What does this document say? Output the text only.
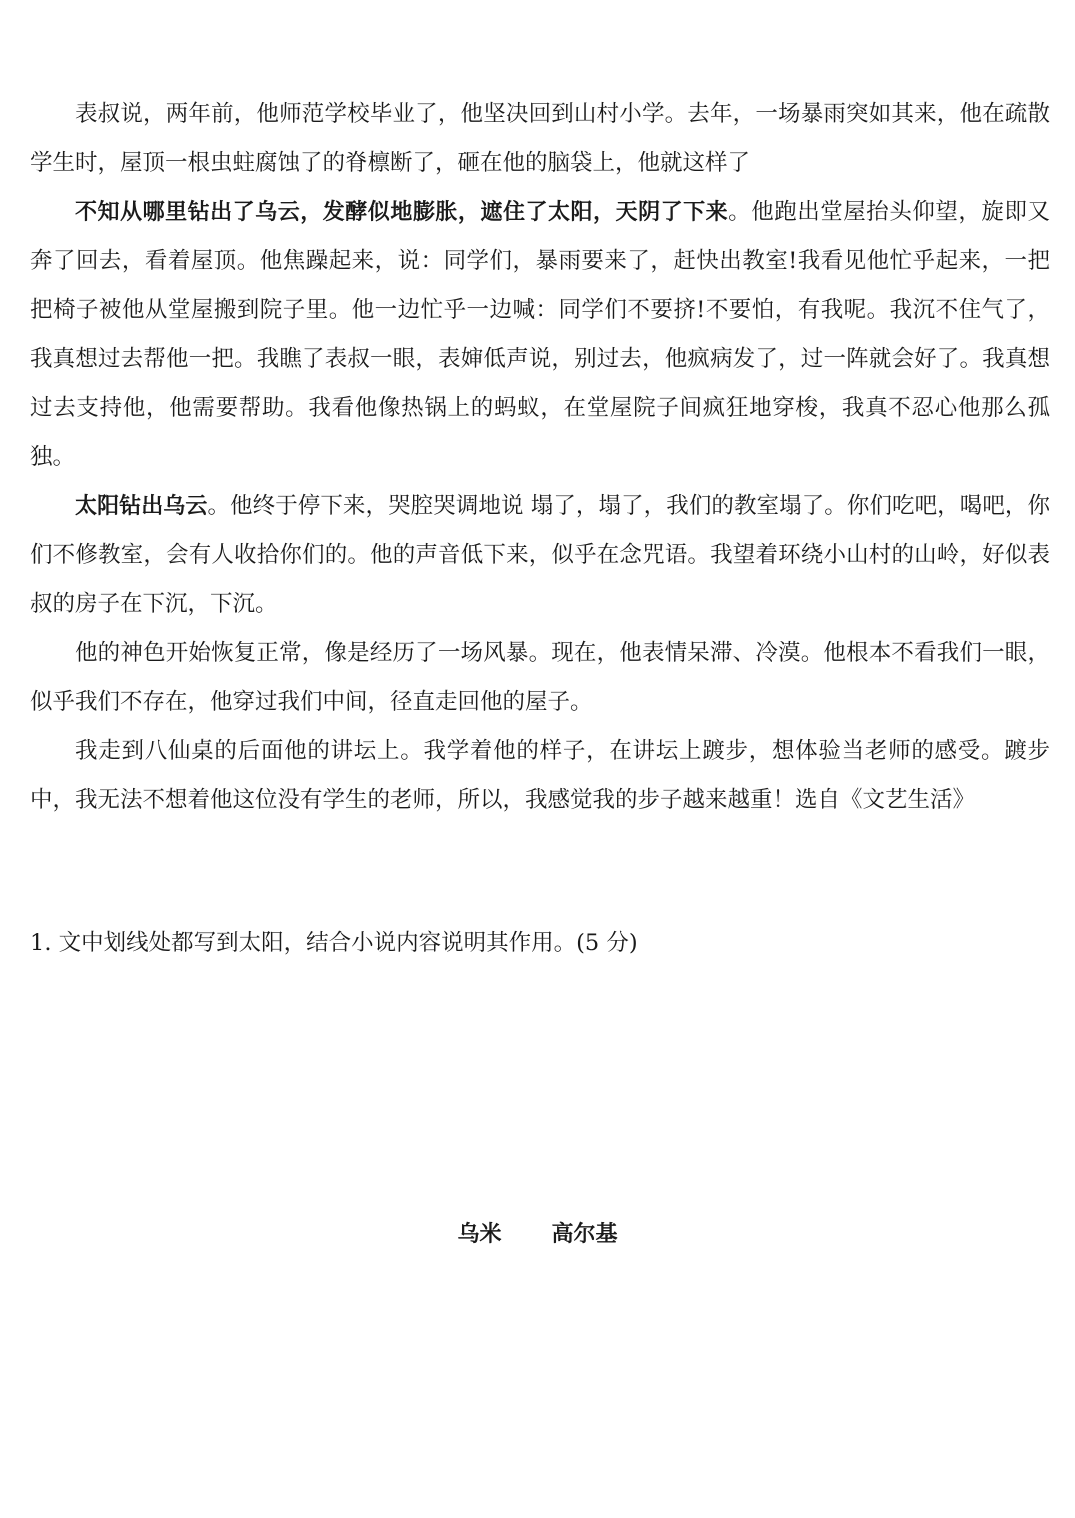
表叔说，两年前，他师范学校毕业了，他坚决回到山村小学。去年，一场暴雨突如其来，他在疏散学生时，屋顶一根虫蛀腐蚀了的脊檩断了，砸在他的脑袋上，他就这样了

不知从哪里钻出了乌云，发酵似地膨胀，遮住了太阳，天阴了下来。他跑出堂屋抬头仰望，旋即又奔了回去，看着屋顶。他焦躁起来，说：同学们，暴雨要来了，赶快出教室!我看见他忙乎起来，一把把椅子被他从堂屋搬到院子里。他一边忙乎一边喊：同学们不要挤!不要怕，有我呢。我沉不住气了，我真想过去帮他一把。我瞧了表叔一眼，表婶低声说，别过去，他疯病发了，过一阵就会好了。我真想过去支持他，他需要帮助。我看他像热锅上的蚂蚁，在堂屋院子间疯狂地穿梭，我真不忍心他那么孤独。

太阳钻出乌云。他终于停下来，哭腔哭调地说 塌了，塌了，我们的教室塌了。你们吃吧，喝吧，你们不修教室，会有人收拾你们的。他的声音低下来，似乎在念咒语。我望着环绕小山村的山岭，好似表叔的房子在下沉，下沉。

他的神色开始恢复正常，像是经历了一场风暴。现在，他表情呆滞、冷漠。他根本不看我们一眼，似乎我们不存在，他穿过我们中间，径直走回他的屋子。

我走到八仙桌的后面他的讲坛上。我学着他的样子，在讲坛上踱步，想体验当老师的感受。踱步中，我无法不想着他这位没有学生的老师，所以，我感觉我的步子越来越重！选自《文艺生活》

1. 文中划线处都写到太阳，结合小说内容说明其作用。(5 分)

乌米 高尔基
